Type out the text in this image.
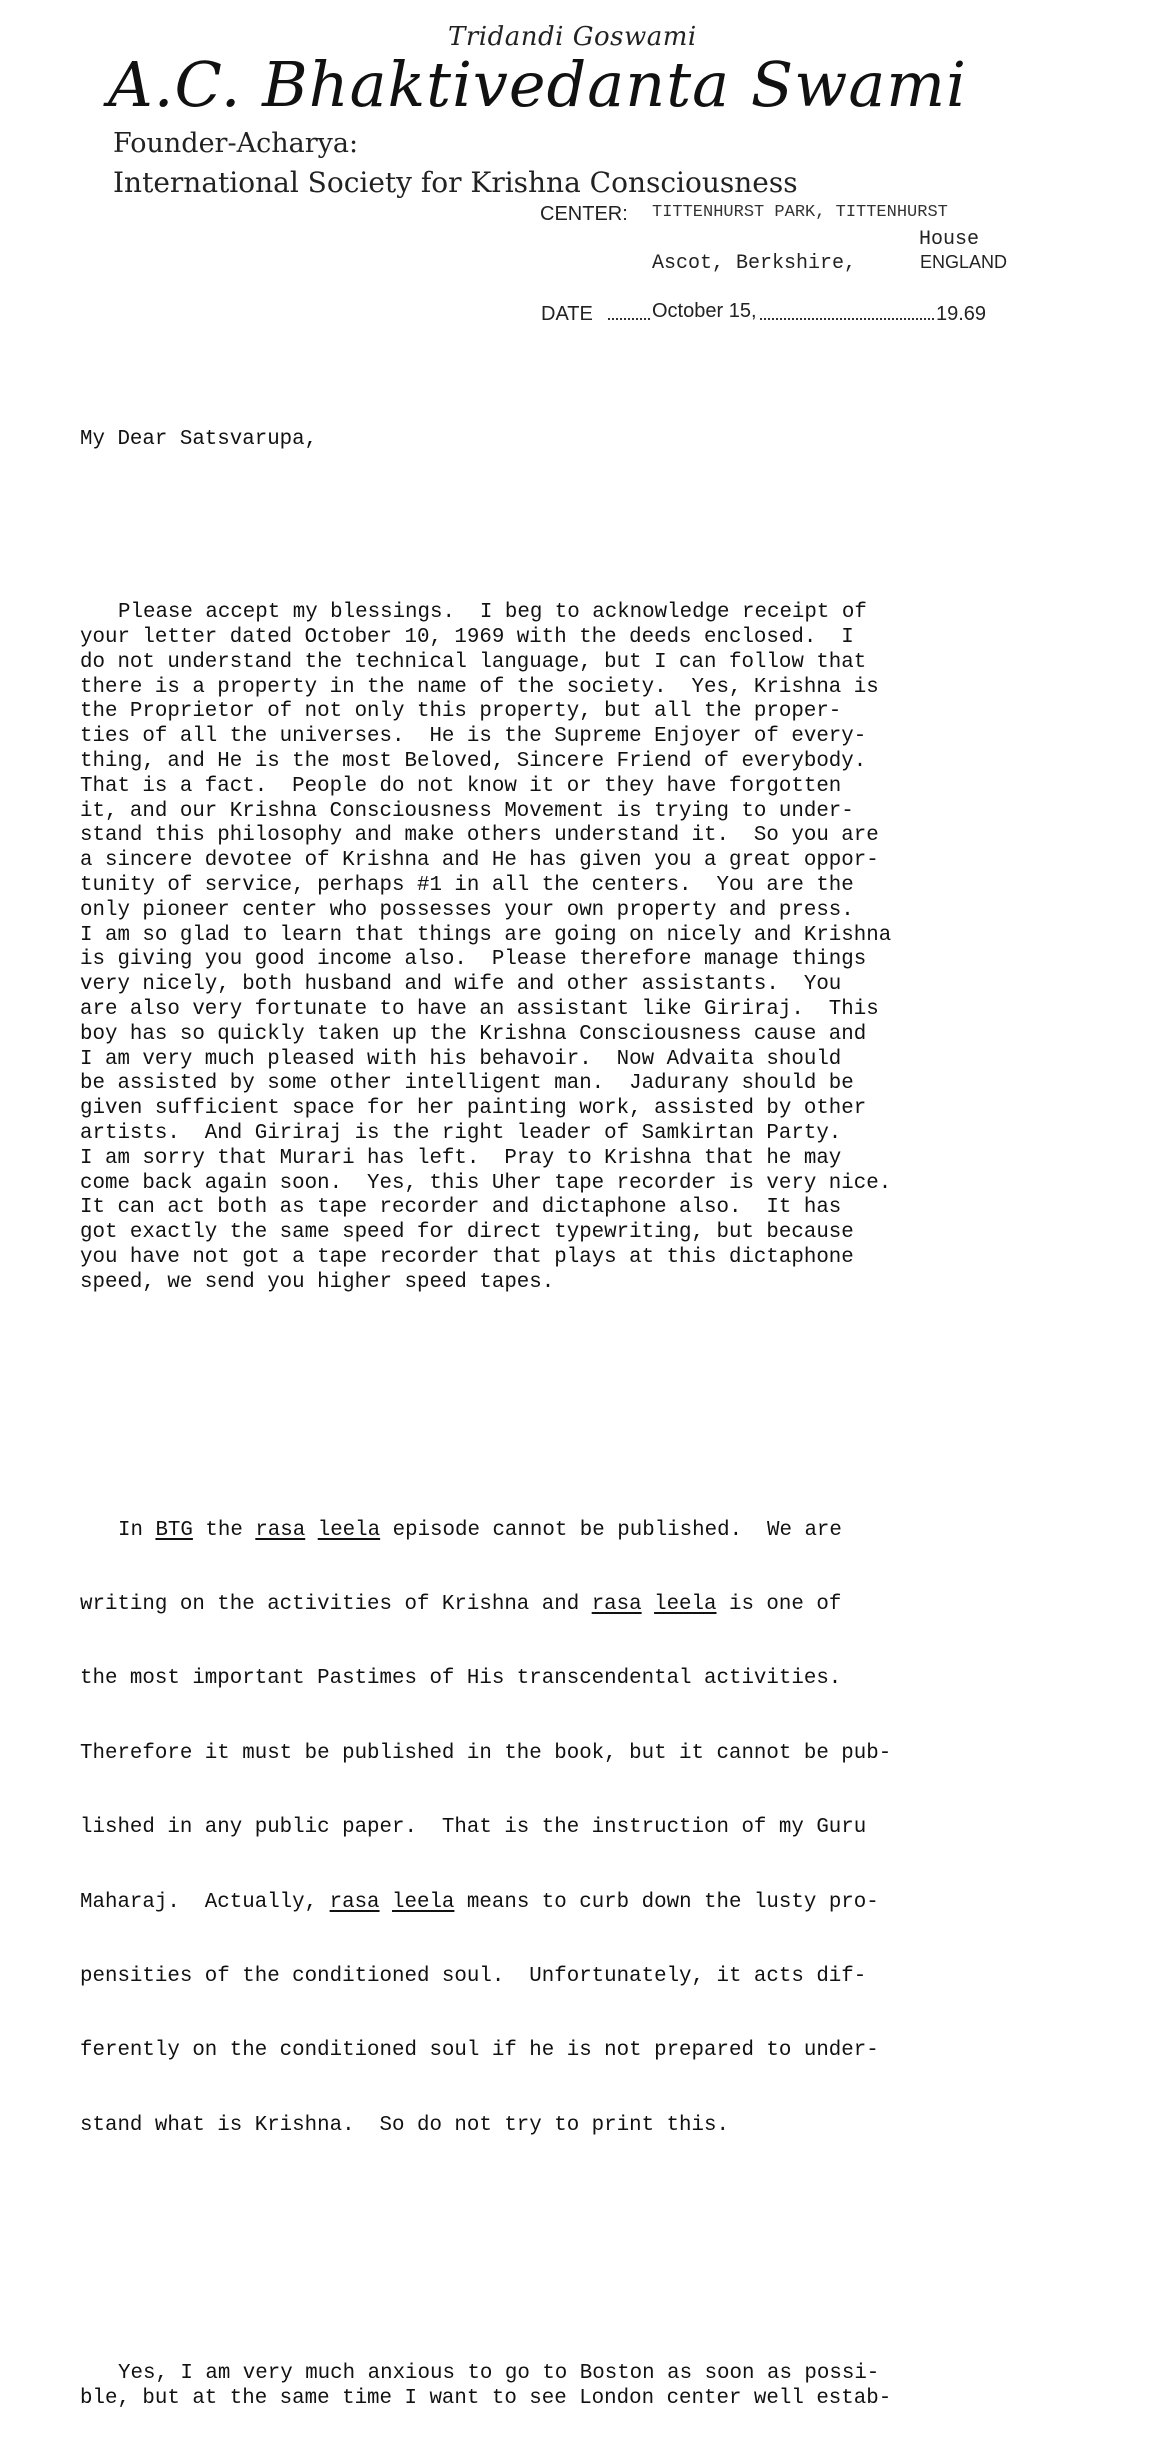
Tridandi Goswami
A.C. Bhaktivedanta Swami
Founder-Acharya:
International Society for Krishna Consciousness
CENTER: TITTENHURST PARK, TITTENHURST
House
Ascot, Berkshire,	ENGLAND
DATE	October 15,	19.69

My Dear Satsvarupa,

Please accept my blessings.  I beg to acknowledge receipt of
your letter dated October 10, 1969 with the deeds enclosed.  I
do not understand the technical language, but I can follow that
there is a property in the name of the society.  Yes, Krishna is
the Proprietor of not only this property, but all the proper-
ties of all the universes.  He is the Supreme Enjoyer of every-
thing, and He is the most Beloved, Sincere Friend of everybody.
That is a fact.  People do not know it or they have forgotten
it, and our Krishna Consciousness Movement is trying to under-
stand this philosophy and make others understand it.  So you are
a sincere devotee of Krishna and He has given you a great oppor-
tunity of service, perhaps #1 in all the centers.  You are the
only pioneer center who possesses your own property and press.
I am so glad to learn that things are going on nicely and Krishna
is giving you good income also.  Please therefore manage things
very nicely, both husband and wife and other assistants.  You
are also very fortunate to have an assistant like Giriraj.  This
boy has so quickly taken up the Krishna Consciousness cause and
I am very much pleased with his behavoir.  Now Advaita should
be assisted by some other intelligent man.  Jadurany should be
given sufficient space for her painting work, assisted by other
artists.  And Giriraj is the right leader of Samkirtan Party.
I am sorry that Murari has left.  Pray to Krishna that he may
come back again soon.  Yes, this Uher tape recorder is very nice.
It can act both as tape recorder and dictaphone also.  It has
got exactly the same speed for direct typewriting, but because
you have not got a tape recorder that plays at this dictaphone
speed, we send you higher speed tapes.

In BTG the rasa leela episode cannot be published.  We are

writing on the activities of Krishna and rasa leela is one of

the most important Pastimes of His transcendental activities.

Therefore it must be published in the book, but it cannot be pub-

lished in any public paper.  That is the instruction of my Guru

Maharaj.  Actually, rasa leela means to curb down the lusty pro-

pensities of the conditioned soul.  Unfortunately, it acts dif-

ferently on the conditioned soul if he is not prepared to under-

stand what is Krishna.  So do not try to print this.

Yes, I am very much anxious to go to Boston as soon as possi-
ble, but at the same time I want to see London center well estab-
